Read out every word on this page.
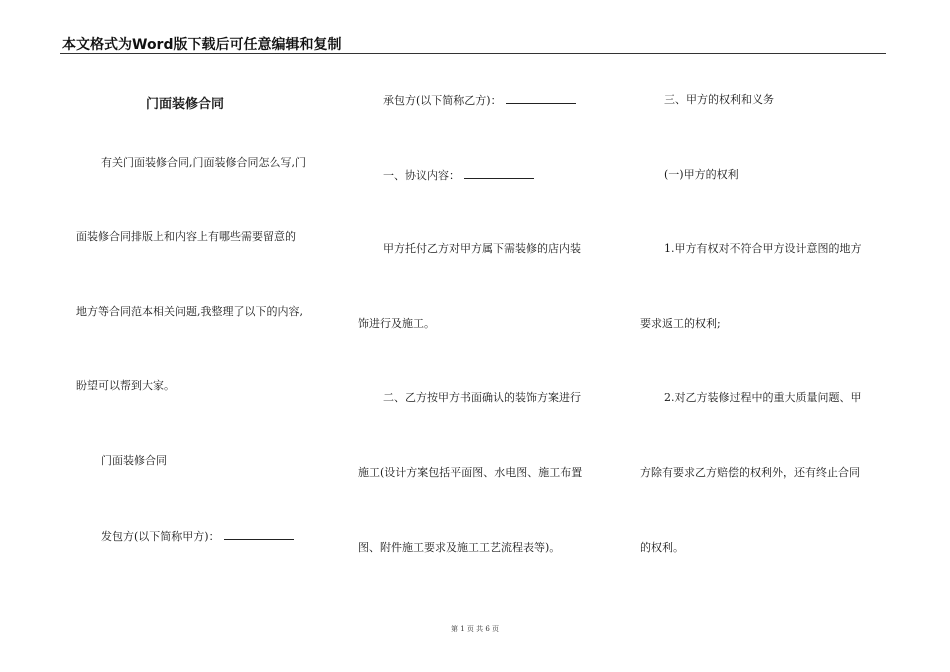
本文格式为Word版下载后可任意编辑和复制
门面装修合同
有关门面装修合同,门面装修合同怎么写,门
面装修合同排版上和内容上有哪些需要留意的
地方等合同范本相关问题,我整理了以下的内容,
盼望可以帮到大家。
门面装修合同
发包方(以下简称甲方)：
承包方(以下简称乙方)：
一、协议内容：
甲方托付乙方对甲方属下需装修的店内装
饰进行及施工。
二、乙方按甲方书面确认的装饰方案进行
施工(设计方案包括平面图、水电图、施工布置
图、附件施工要求及施工工艺流程表等)。
三、甲方的权利和义务
(一)甲方的权利
1.甲方有权对不符合甲方设计意图的地方
要求返工的权利;
2.对乙方装修过程中的重大质量问题、甲
方除有要求乙方赔偿的权利外，还有终止合同
的权利。
第 1 页 共 6 页
